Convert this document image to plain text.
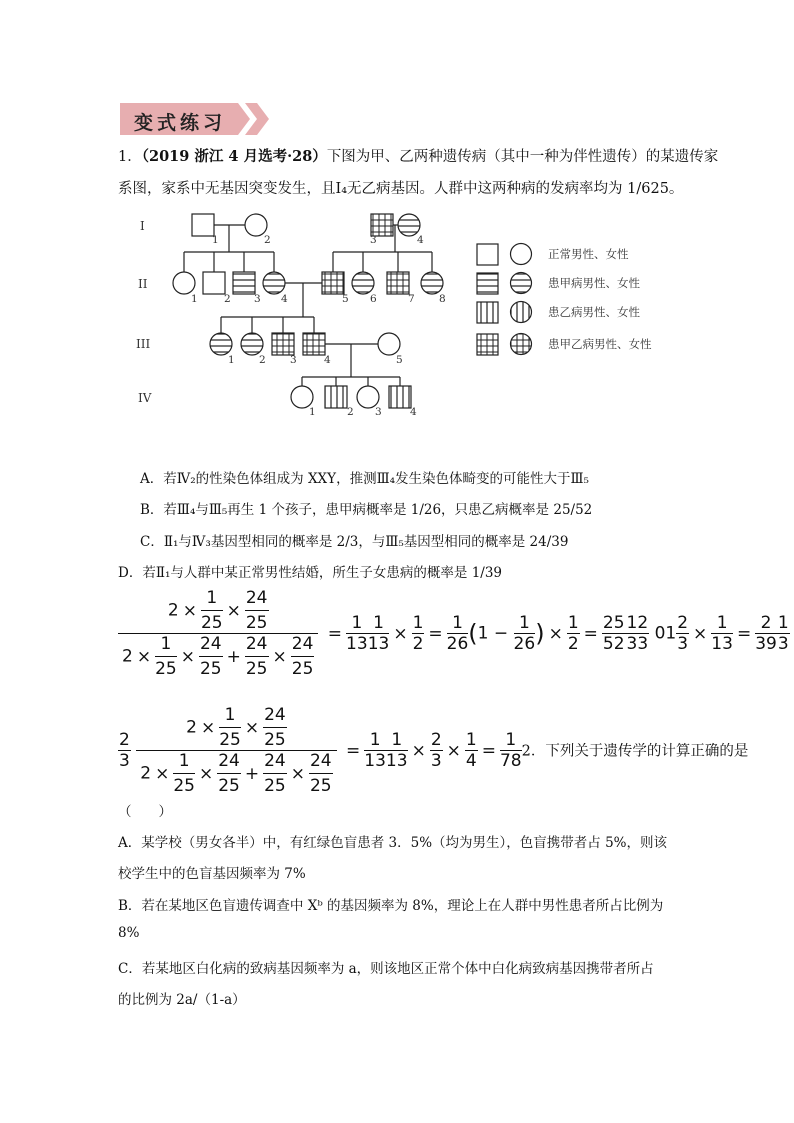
变式练习
1．（2019 浙江 4 月选考·28）下图为甲、乙两种遗传病（其中一种为伴性遗传）的某遗传家
系图，家系中无基因突变发生，且Ⅰ₄无乙病基因。人群中这两种病的发病率均为 1/625。
I
II
III
IV
1	2	3	4
1	2 3 4	5 6	7 8
1 2 3	4	5
1	2 3	4
正常男性、女性
患甲病男性、女性
患乙病男性、女性
患甲乙病男性、女性
A．若Ⅳ₂的性染色体组成为 XXY，推测Ⅲ₄发生染色体畸变的可能性大于Ⅲ₅
B．若Ⅲ₄与Ⅲ₅再生 1 个孩子，患甲病概率是 1/26，只患乙病概率是 25/52
C．Ⅱ₁与Ⅳ₃基因型相同的概率是 2/3，与Ⅲ₅基因型相同的概率是 24/39
D．若Ⅱ₁与人群中某正常男性结婚，所生子女患病的概率是 1/39
$\frac{2 \times \frac{1}{25} \times \frac{24}{25}}{2 \times \frac{1}{25} \times \frac{24}{25} + \frac{24}{25} \times \frac{24}{25}} = \frac{1}{13} \frac{1}{13} \times \frac{1}{2} = \frac{1}{26} (1 - \frac{1}{26}$ ) × $\frac{1}{2} = \frac{25}{52} \frac{12}{33} 01 \frac{2}{3} \times \frac{1}{13} = \frac{2}{39} \frac{1}{3}$
$\frac{2}{3}$
$\frac{2 \times \frac{1}{25} \times \frac{24}{25}}{2 \times \frac{1}{25} \times \frac{24}{25} + \frac{24}{25} \times \frac{24}{25}} = \frac{1}{13} \frac{1}{13} \times \frac{2}{3} \times \frac{1}{4} = \frac{1}{78} 2$．下列关于遗传学的计算正确的是
（　　）
A．某学校（男女各半）中，有红绿色盲患者 3．5%（均为男生），色盲携带者占 5%，则该
校学生中的色盲基因频率为 7%
B．若在某地区色盲遗传调查中 Xᵇ 的基因频率为 8%，理论上在人群中男性患者所占比例为
8%
C．若某地区白化病的致病基因频率为 a，则该地区正常个体中白化病致病基因携带者所占
的比例为 2a/（1-a）
